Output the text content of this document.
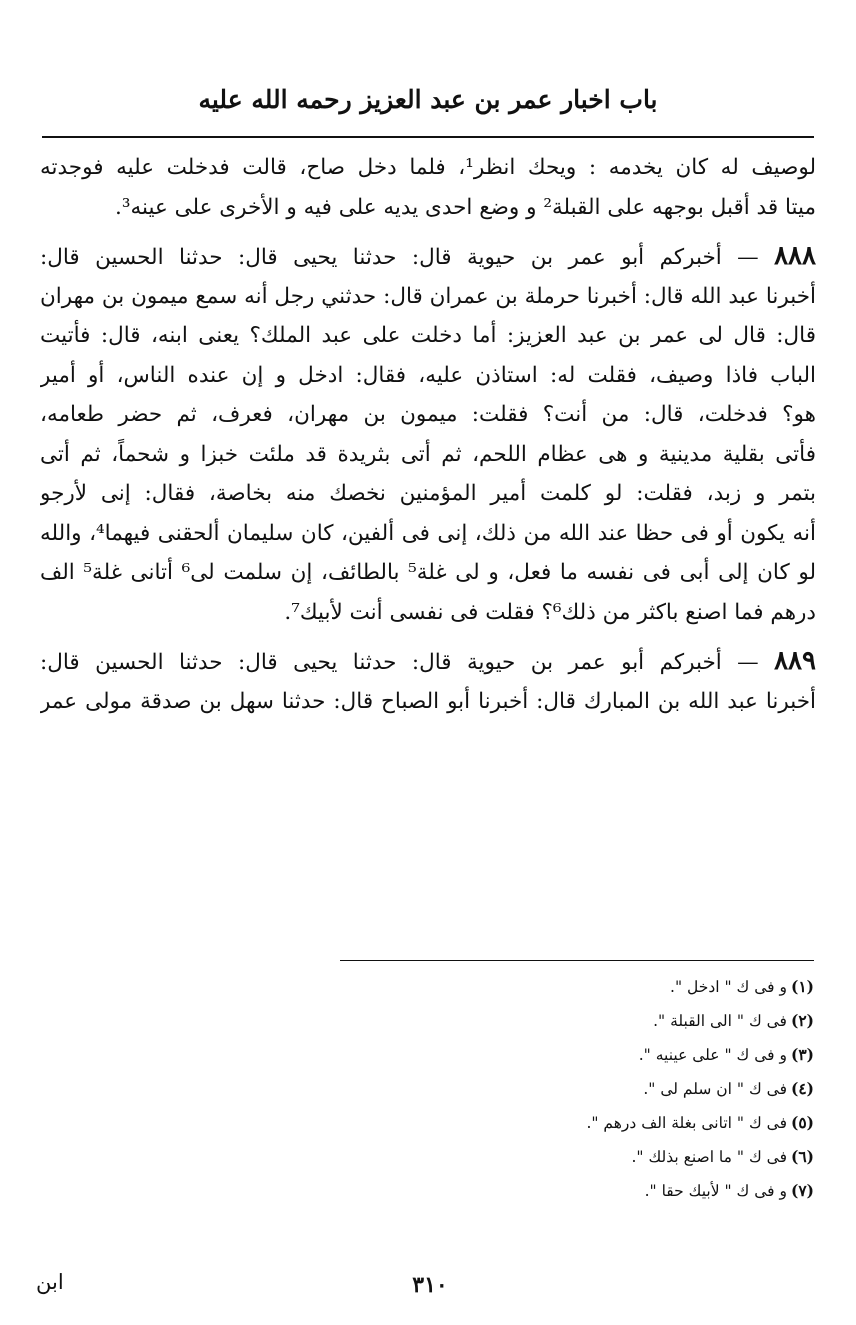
باب اخبار عمر بن عبد العزيز رحمه الله عليه

لوصيف له كان يخدمه : ويحك انظر¹، فلما دخل صاح، قالت فدخلت عليه فوجدته
ميتا قد أقبل بوجهه على القبلة² و وضع احدى يديه على فيه و الأخرى على عينه³.

٨٨٨ — أخبركم أبو عمر بن حيوية قال: حدثنا يحيى قال: حدثنا الحسين قال:
أخبرنا عبد الله قال: أخبرنا حرملة بن عمران قال: حدثني رجل أنه سمع ميمون بن مهران
قال: قال لى عمر بن عبد العزيز: أما دخلت على عبد الملك؟ يعنى ابنه، قال: فأتيت
الباب فاذا وصيف، فقلت له: استاذن عليه، فقال: ادخل و إن عنده الناس، أو أمير
هو؟ فدخلت، قال: من أنت؟ فقلت: ميمون بن مهران، فعرف، ثم حضر طعامه،
فأتى بقلية مدينية و هى عظام اللحم، ثم أتى بثريدة قد ملئت خبزا و شحماً، ثم أتى
بتمر و زبد، فقلت: لو كلمت أمير المؤمنين نخصك منه بخاصة، فقال: إنى لأرجو
أنه يكون أو فى حظا عند الله من ذلك، إنى فى ألفين، كان سليمان ألحقنى فيهما⁴، والله
لو كان إلى أبى فى نفسه ما فعل، و لى غلة⁵ بالطائف، إن سلمت لى⁶ أتانى غلة⁵ الف
درهم فما اصنع باكثر من ذلك⁶؟ فقلت فى نفسى أنت لأبيك⁷.

٨٨٩ — أخبركم أبو عمر بن حيوية قال: حدثنا يحيى قال: حدثنا الحسين قال:
أخبرنا عبد الله بن المبارك قال: أخبرنا أبو الصباح قال: حدثنا سهل بن صدقة مولى عمر

(١)و فى ك " ادخل ".
(٢)فى ك " الى القبلة ".
(٣)و فى ك " على عينيه ".
(٤)فى ك " ان سلم لى ".
(٥)فى ك " اتانى بغلة الف درهم ".
(٦)فى ك " ما اصنع بذلك ".
(٧)و فى ك " لأبيك حقا ".
٣١٠
ابن
